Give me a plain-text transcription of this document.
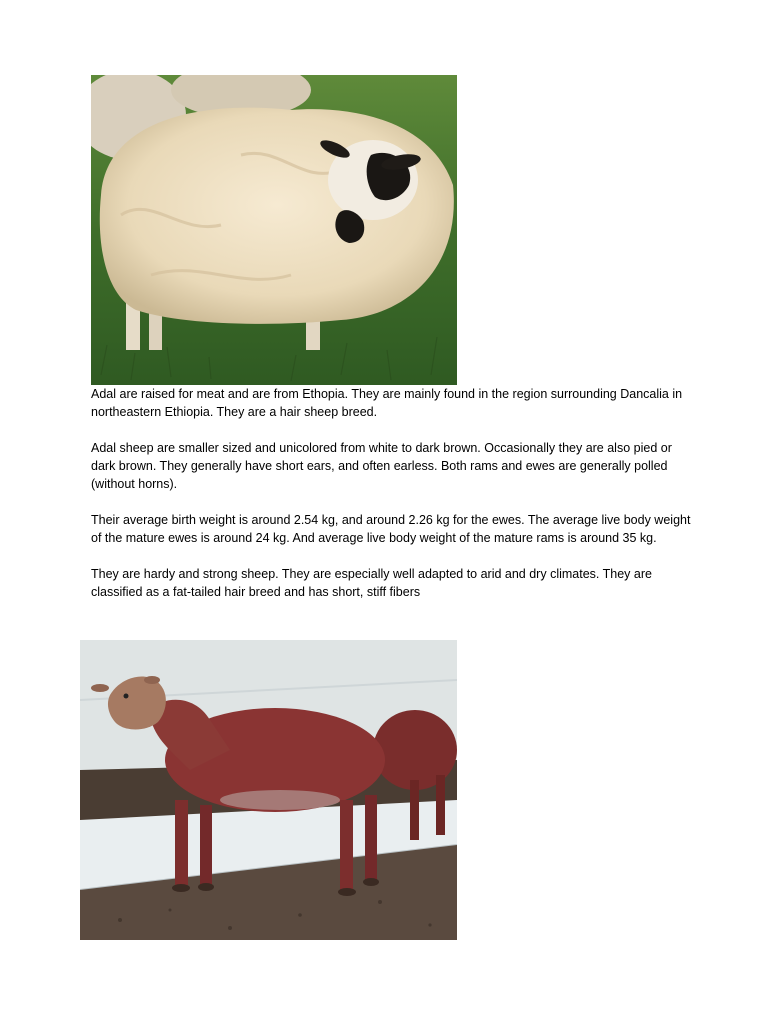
Adal are raised for meat and are from Ethopia. They are mainly found in the region surrounding Dancalia in northeastern Ethiopia. They are a hair sheep breed.

Adal sheep are smaller sized and unicolored from white to dark brown. Occasionally they are also pied or dark brown. They generally have short ears, and often earless. Both rams and ewes are generally polled (without horns).

Their average birth weight is around 2.54 kg, and around 2.26 kg for the ewes. The average live body weight of the mature ewes is around 24 kg. And average live body weight of the mature rams is around 35 kg.

They are hardy and strong sheep. They are especially well adapted to arid and dry climates. They are classified as a fat-tailed hair breed and has short, stiff fibers
